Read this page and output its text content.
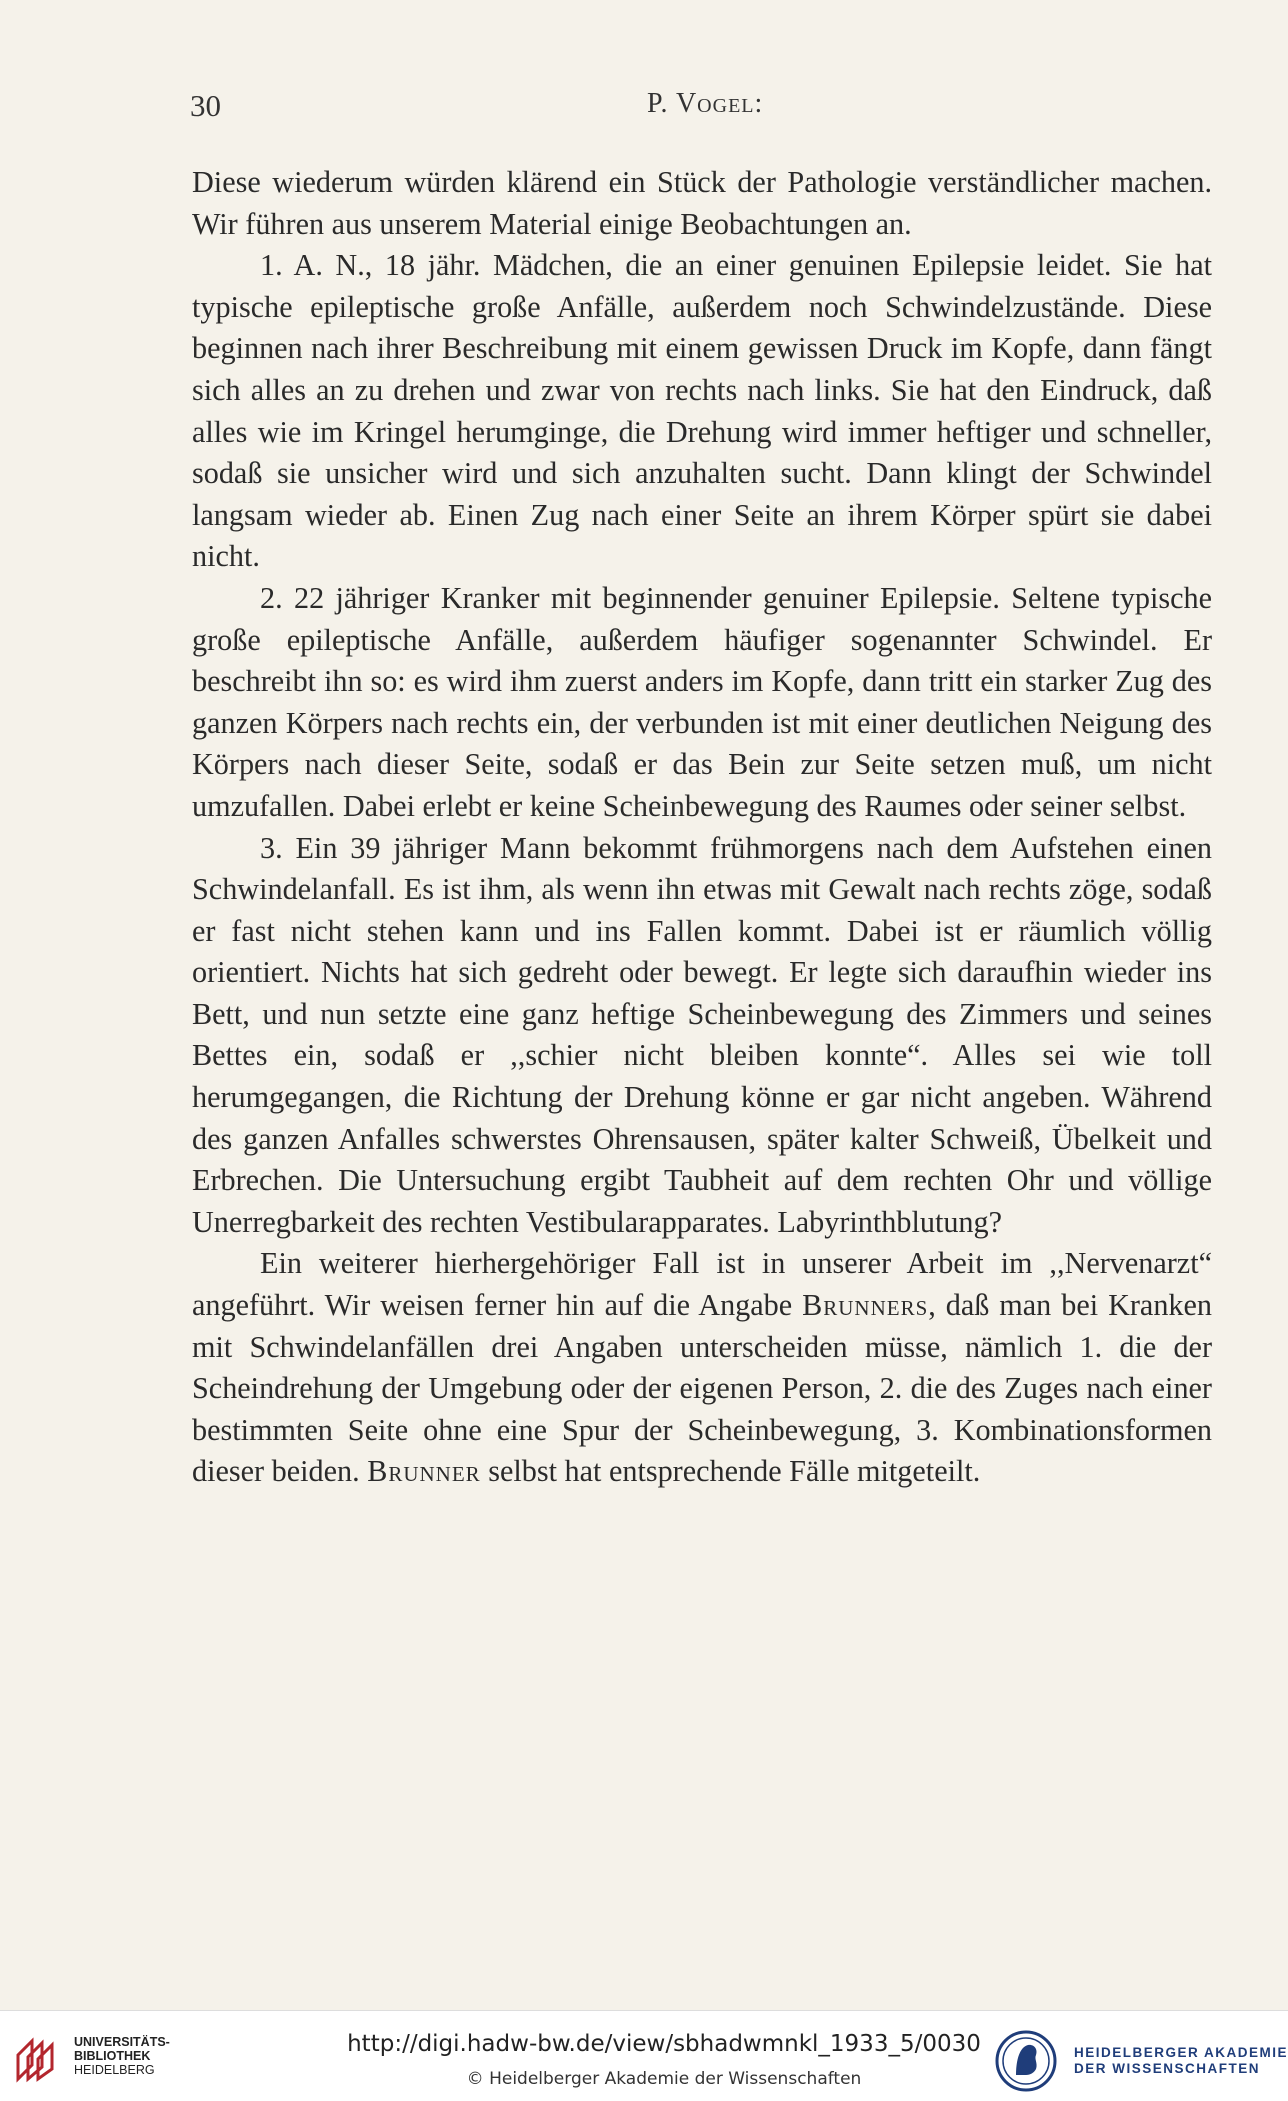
30	P. Vogel:

Diese wiederum würden klärend ein Stück der Pathologie verständlicher machen. Wir führen aus unserem Material einige Beobachtungen an.

1. A. N., 18 jähr. Mädchen, die an einer genuinen Epilepsie leidet. Sie hat typische epileptische große Anfälle, außerdem noch Schwindelzustände. Diese beginnen nach ihrer Beschreibung mit einem gewissen Druck im Kopfe, dann fängt sich alles an zu drehen und zwar von rechts nach links. Sie hat den Eindruck, daß alles wie im Kringel herumginge, die Drehung wird immer heftiger und schneller, sodaß sie unsicher wird und sich anzuhalten sucht. Dann klingt der Schwindel langsam wieder ab. Einen Zug nach einer Seite an ihrem Körper spürt sie dabei nicht.

2. 22 jähriger Kranker mit beginnender genuiner Epilepsie. Seltene typische große epileptische Anfälle, außerdem häufiger sogenannter Schwindel. Er beschreibt ihn so: es wird ihm zuerst anders im Kopfe, dann tritt ein starker Zug des ganzen Körpers nach rechts ein, der verbunden ist mit einer deutlichen Neigung des Körpers nach dieser Seite, sodaß er das Bein zur Seite setzen muß, um nicht umzufallen. Dabei erlebt er keine Scheinbewegung des Raumes oder seiner selbst.

3. Ein 39 jähriger Mann bekommt frühmorgens nach dem Aufstehen einen Schwindelanfall. Es ist ihm, als wenn ihn etwas mit Gewalt nach rechts zöge, sodaß er fast nicht stehen kann und ins Fallen kommt. Dabei ist er räumlich völlig orientiert. Nichts hat sich gedreht oder bewegt. Er legte sich daraufhin wieder ins Bett, und nun setzte eine ganz heftige Scheinbewegung des Zimmers und seines Bettes ein, sodaß er ,,schier nicht bleiben konnte“. Alles sei wie toll herumgegangen, die Richtung der Drehung könne er gar nicht angeben. Während des ganzen Anfalles schwerstes Ohrensausen, später kalter Schweiß, Übelkeit und Erbrechen. Die Untersuchung ergibt Taubheit auf dem rechten Ohr und völlige Unerregbarkeit des rechten Vestibularapparates. Labyrinthblutung?

Ein weiterer hierhergehöriger Fall ist in unserer Arbeit im ,,Nervenarzt“ angeführt. Wir weisen ferner hin auf die Angabe Brunners, daß man bei Kranken mit Schwindelanfällen drei Angaben unterscheiden müsse, nämlich 1. die der Scheindrehung der Umgebung oder der eigenen Person, 2. die des Zuges nach einer bestimmten Seite ohne eine Spur der Scheinbewegung, 3. Kombinationsformen dieser beiden. Brunner selbst hat entsprechende Fälle mitgeteilt.

UNIVERSITÄTS-
BIBLIOTHEK
HEIDELBERG
http://digi.hadw-bw.de/view/sbhadwmnkl_1933_5/0030
© Heidelberger Akademie der Wissenschaften
HEIDELBERGER AKADEMIE
DER WISSENSCHAFTEN
